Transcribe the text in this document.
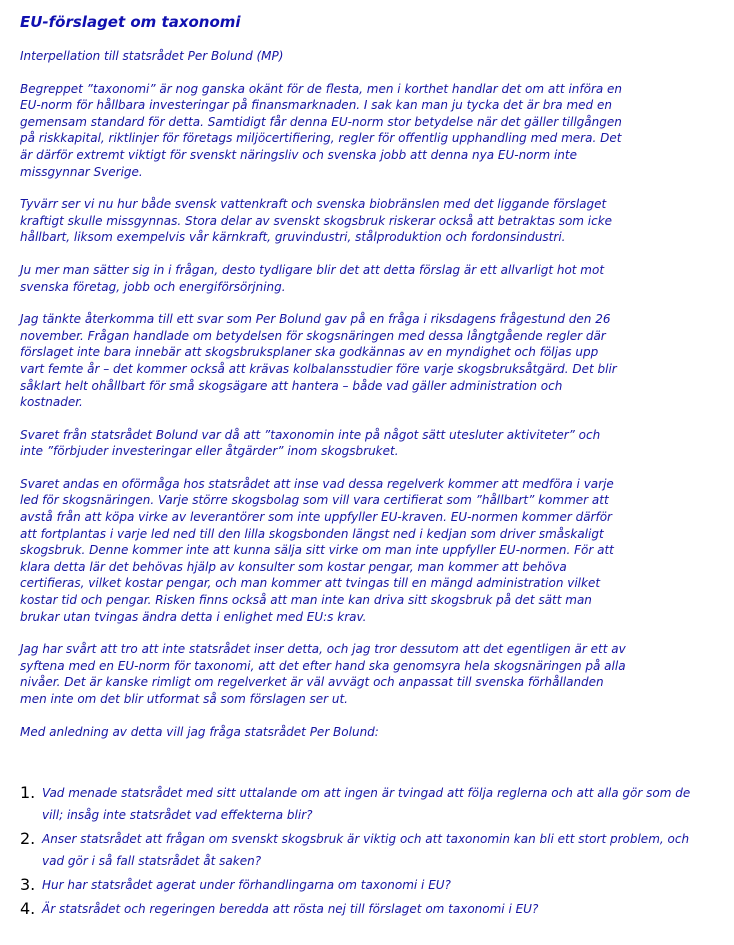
EU-förslaget om taxonomi

Interpellation till statsrådet Per Bolund (MP)

Begreppet ”taxonomi” är nog ganska okänt för de flesta, men i korthet handlar det om att införa en EU-norm för hållbara investeringar på finansmarknaden. I sak kan man ju tycka det är bra med en gemensam standard för detta. Samtidigt får denna EU-norm stor betydelse när det gäller tillgången på riskkapital, riktlinjer för företags miljöcertifiering, regler för offentlig upphandling med mera. Det är därför extremt viktigt för svenskt näringsliv och svenska jobb att denna nya EU-norm inte missgynnar Sverige.

Tyvärr ser vi nu hur både svensk vattenkraft och svenska biobränslen med det liggande förslaget kraftigt skulle missgynnas. Stora delar av svenskt skogsbruk riskerar också att betraktas som icke hållbart, liksom exempelvis vår kärnkraft, gruvindustri, stålproduktion och fordonsindustri.

Ju mer man sätter sig in i frågan, desto tydligare blir det att detta förslag är ett allvarligt hot mot svenska företag, jobb och energiförsörjning.

Jag tänkte återkomma till ett svar som Per Bolund gav på en fråga i riksdagens frågestund den 26 november. Frågan handlade om betydelsen för skogsnäringen med dessa långtgående regler där förslaget inte bara innebär att skogsbruksplaner ska godkännas av en myndighet och följas upp vart femte år – det kommer också att krävas kolbalansstudier före varje skogsbruksåtgärd. Det blir såklart helt ohållbart för små skogsägare att hantera – både vad gäller administration och kostnader.

Svaret från statsrådet Bolund var då att ”taxonomin inte på något sätt utesluter aktiviteter” och inte ”förbjuder investeringar eller åtgärder” inom skogsbruket.

Svaret andas en oförmåga hos statsrådet att inse vad dessa regelverk kommer att medföra i varje led för skogsnäringen. Varje större skogsbolag som vill vara certifierat som ”hållbart” kommer att avstå från att köpa virke av leverantörer som inte uppfyller EU-kraven. EU-normen kommer därför att fortplantas i varje led ned till den lilla skogsbonden längst ned i kedjan som driver småskaligt skogsbruk. Denne kommer inte att kunna sälja sitt virke om man inte uppfyller EU-normen. För att klara detta lär det behövas hjälp av konsulter som kostar pengar, man kommer att behöva certifieras, vilket kostar pengar, och man kommer att tvingas till en mängd administration vilket kostar tid och pengar. Risken finns också att man inte kan driva sitt skogsbruk på det sätt man brukar utan tvingas ändra detta i enlighet med EU:s krav.

Jag har svårt att tro att inte statsrådet inser detta, och jag tror dessutom att det egentligen är ett av syftena med en EU-norm för taxonomi, att det efter hand ska genomsyra hela skogsnäringen på alla nivåer. Det är kanske rimligt om regelverket är väl avvägt och anpassat till svenska förhållanden men inte om det blir utformat så som förslagen ser ut.

Med anledning av detta vill jag fråga statsrådet Per Bolund:

1. Vad menade statsrådet med sitt uttalande om att ingen är tvingad att följa reglerna och att alla gör som de vill; insåg inte statsrådet vad effekterna blir?
2. Anser statsrådet att frågan om svenskt skogsbruk är viktig och att taxonomin kan bli ett stort problem, och vad gör i så fall statsrådet åt saken?
3. Hur har statsrådet agerat under förhandlingarna om taxonomi i EU?
4. Är statsrådet och regeringen beredda att rösta nej till förslaget om taxonomi i EU?
